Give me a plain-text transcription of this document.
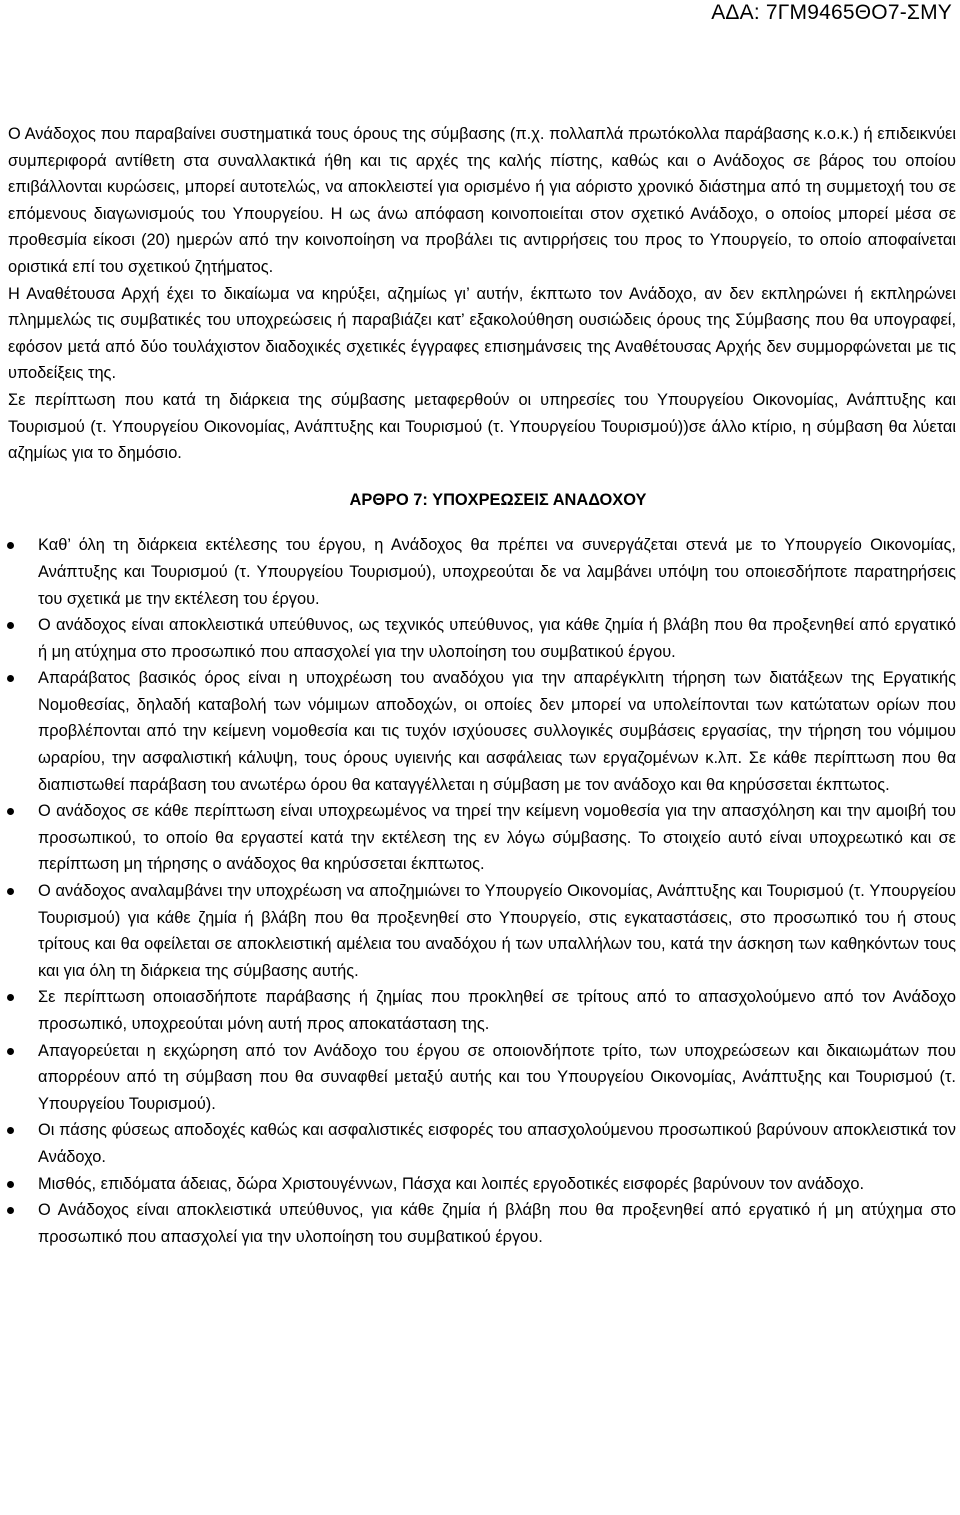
ΑΔΑ: 7ΓΜ9465ΘΟ7-ΣΜΥ

Ο Ανάδοχος που παραβαίνει συστηματικά τους όρους της σύμβασης (π.χ. πολλαπλά πρωτόκολλα παράβασης κ.ο.κ.) ή επιδεικνύει συμπεριφορά αντίθετη στα συναλλακτικά ήθη και τις αρχές της καλής πίστης, καθώς και ο Ανάδοχος σε βάρος του οποίου επιβάλλονται κυρώσεις, μπορεί αυτοτελώς, να αποκλειστεί για ορισμένο ή για αόριστο χρονικό διάστημα από τη συμμετοχή του σε επόμενους διαγωνισμούς του Υπουργείου. Η ως άνω απόφαση κοινοποιείται στον σχετικό Ανάδοχο, ο οποίος μπορεί μέσα σε προθεσμία είκοσι (20) ημερών από την κοινοποίηση να προβάλει τις αντιρρήσεις του προς το Υπουργείο, το οποίο αποφαίνεται οριστικά επί του σχετικού ζητήματος.

Η Αναθέτουσα Αρχή έχει το δικαίωμα να κηρύξει, αζημίως γι’ αυτήν, έκπτωτο τον Ανάδοχο, αν δεν εκπληρώνει ή εκπληρώνει πλημμελώς τις συμβατικές του υποχρεώσεις ή παραβιάζει κατ’ εξακολούθηση ουσιώδεις όρους της Σύμβασης που θα υπογραφεί, εφόσον μετά από δύο τουλάχιστον διαδοχικές σχετικές έγγραφες επισημάνσεις της Αναθέτουσας Αρχής δεν συμμορφώνεται με τις υποδείξεις της.

Σε περίπτωση που κατά τη διάρκεια της σύμβασης μεταφερθούν οι υπηρεσίες του Υπουργείου Οικονομίας, Ανάπτυξης και Τουρισμού (τ. Υπουργείου Οικονομίας, Ανάπτυξης και Τουρισμού (τ. Υπουργείου Τουρισμού))σε άλλο κτίριο, η σύμβαση θα λύεται αζημίως για το δημόσιο.

ΑΡΘΡΟ 7: ΥΠΟΧΡΕΩΣΕΙΣ ΑΝΑΔΟΧΟΥ
Καθ’ όλη τη διάρκεια εκτέλεσης του έργου, η Ανάδοχος θα πρέπει να συνεργάζεται στενά με το Υπουργείο Οικονομίας, Ανάπτυξης και Τουρισμού (τ. Υπουργείου Τουρισμού), υποχρεούται δε να λαμβάνει υπόψη του οποιεσδήποτε παρατηρήσεις του σχετικά με την εκτέλεση του έργου.
Ο ανάδοχος είναι αποκλειστικά υπεύθυνος, ως τεχνικός υπεύθυνος, για κάθε ζημία ή βλάβη που θα προξενηθεί από εργατικό ή μη ατύχημα στο προσωπικό που απασχολεί για την υλοποίηση του συμβατικού έργου.
Απαράβατος βασικός όρος είναι η υποχρέωση του αναδόχου για την απαρέγκλιτη τήρηση των διατάξεων της Εργατικής Νομοθεσίας, δηλαδή καταβολή των νόμιμων αποδοχών, οι οποίες δεν μπορεί να υπολείπονται των κατώτατων ορίων που προβλέπονται από την κείμενη νομοθεσία και τις τυχόν ισχύουσες συλλογικές συμβάσεις εργασίας, την τήρηση του νόμιμου ωραρίου, την ασφαλιστική κάλυψη, τους όρους υγιεινής και ασφάλειας των εργαζομένων κ.λπ. Σε κάθε περίπτωση που θα διαπιστωθεί παράβαση του ανωτέρω όρου θα καταγγέλλεται η σύμβαση με τον ανάδοχο και θα κηρύσσεται έκπτωτος.
Ο ανάδοχος σε κάθε περίπτωση είναι υποχρεωμένος να τηρεί την κείμενη νομοθεσία για την απασχόληση και την αμοιβή του προσωπικού, το οποίο θα εργαστεί κατά την εκτέλεση της εν λόγω σύμβασης. Το στοιχείο αυτό είναι υποχρεωτικό και σε περίπτωση μη τήρησης ο ανάδοχος θα κηρύσσεται έκπτωτος.
Ο ανάδοχος αναλαμβάνει την υποχρέωση να αποζημιώνει το Υπουργείο Οικονομίας, Ανάπτυξης και Τουρισμού (τ. Υπουργείου Τουρισμού) για κάθε ζημία ή βλάβη που θα προξενηθεί στο Υπουργείο, στις εγκαταστάσεις, στο προσωπικό του ή στους τρίτους και θα οφείλεται σε αποκλειστική αμέλεια του αναδόχου ή των υπαλλήλων του, κατά την άσκηση των καθηκόντων τους και για όλη τη διάρκεια της σύμβασης αυτής.
Σε περίπτωση οποιασδήποτε παράβασης ή ζημίας που προκληθεί σε τρίτους από το απασχολούμενο από τον Ανάδοχο προσωπικό, υποχρεούται μόνη αυτή προς αποκατάσταση της.
Απαγορεύεται η εκχώρηση από τον Ανάδοχο του έργου σε οποιονδήποτε τρίτο, των υποχρεώσεων και δικαιωμάτων που απορρέουν από τη σύμβαση που θα συναφθεί μεταξύ αυτής και του Υπουργείου Οικονομίας, Ανάπτυξης και Τουρισμού (τ. Υπουργείου Τουρισμού).
Οι πάσης φύσεως αποδοχές καθώς και ασφαλιστικές εισφορές του απασχολούμενου προσωπικού βαρύνουν αποκλειστικά τον Ανάδοχο.
Μισθός, επιδόματα άδειας, δώρα Χριστουγέννων, Πάσχα και λοιπές εργοδοτικές εισφορές βαρύνουν τον ανάδοχο.
Ο Ανάδοχος είναι αποκλειστικά υπεύθυνος, για κάθε ζημία ή βλάβη που θα προξενηθεί από εργατικό ή μη ατύχημα στο προσωπικό που απασχολεί για την υλοποίηση του συμβατικού έργου.
